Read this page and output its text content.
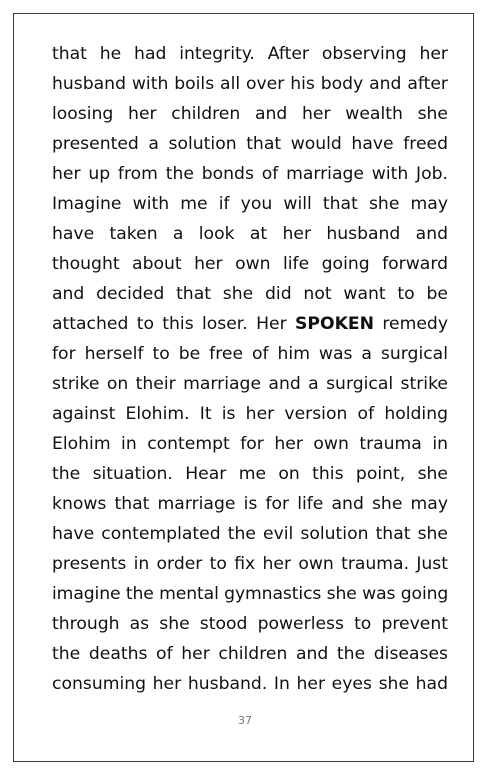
that he had integrity. After observing her
husband with boils all over his body and after
loosing her children and her wealth she
presented a solution that would have freed
her up from the bonds of marriage with Job.
Imagine with me if you will that she may
have taken a look at her husband and
thought about her own life going forward
and decided that she did not want to be
attached to this loser. Her SPOKEN remedy
for herself to be free of him was a surgical
strike on their marriage and a surgical strike
against Elohim. It is her version of holding
Elohim in contempt for her own trauma in
the situation. Hear me on this point, she
knows that marriage is for life and she may
have contemplated the evil solution that she
presents in order to fix her own trauma. Just
imagine the mental gymnastics she was going
through as she stood powerless to prevent
the deaths of her children and the diseases
consuming her husband. In her eyes she had
37
